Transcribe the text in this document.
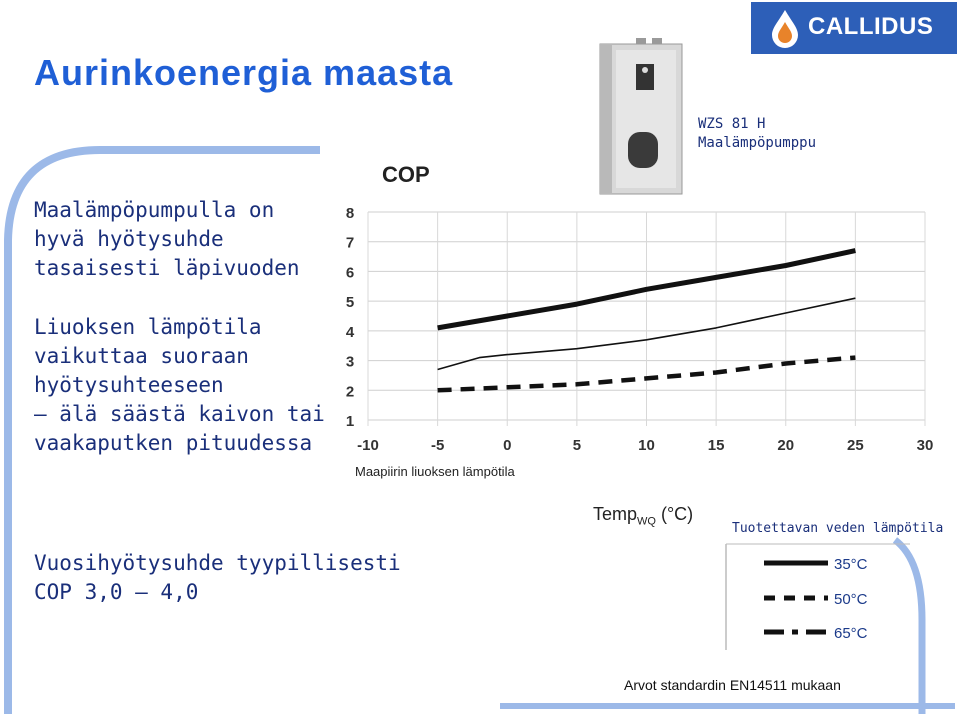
Aurinkoenergia maasta
CALLIDUS
Maalämpöpumpulla on
hyvä hyötysuhde
tasaisesti läpivuoden
Liuoksen lämpötila
vaikuttaa suoraan
hyötysuhteeseen
– älä säästä kaivon tai
vaakaputken pituudessa
Vuosihyötysuhde tyypillisesti
COP 3,0 – 4,0
WZS 81 H
Maalämpöpumppu
COP
1
2
3
4
5
6
7
8
-10	-5	0	5	10	15	20	25	30
Maapiirin liuoksen lämpötila
Temp$_{WQ}$ (°C)
Tuotettavan veden lämpötila
35°C
50°C
65°C
Arvot standardin EN14511 mukaan
